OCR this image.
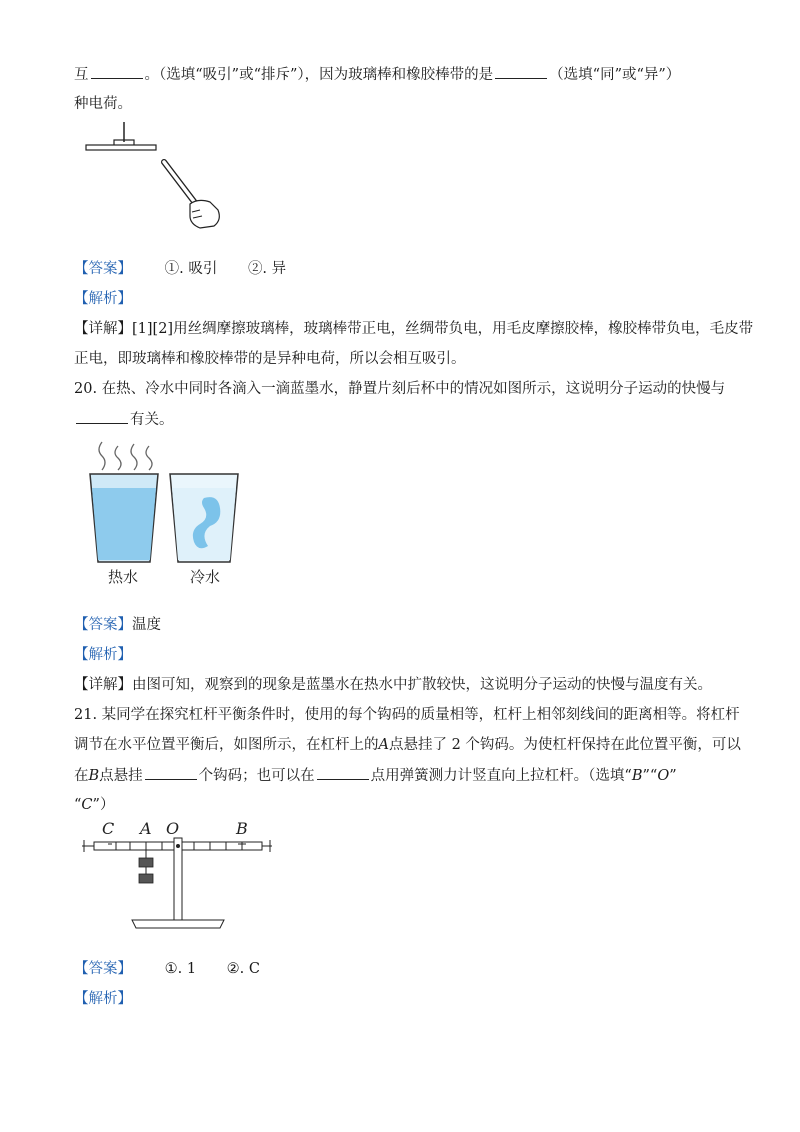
互	。（选填“吸引”或“排斥”），因为玻璃棒和橡胶棒带的是	（选填“同”或“异”）
种电荷。
【答案】 ①. 吸引 ②. 异
【解析】
【详解】[1][2]用丝绸摩擦玻璃棒，玻璃棒带正电，丝绸带负电，用毛皮摩擦胶棒，橡胶棒带负电，毛皮带
正电，即玻璃棒和橡胶棒带的是异种电荷，所以会相互吸引。
20. 在热、冷水中同时各滴入一滴蓝墨水，静置片刻后杯中的情况如图所示，这说明分子运动的快慢与
有关。
热水	冷水
【答案】温度
【解析】
【详解】由图可知，观察到的现象是蓝墨水在热水中扩散较快，这说明分子运动的快慢与温度有关。
21. 某同学在探究杠杆平衡条件时，使用的每个钩码的质量相等，杠杆上相邻刻线间的距离相等。将杠杆
调节在水平位置平衡后，如图所示，在杠杆上的A点悬挂了 2 个钩码。为使杠杆保持在此位置平衡，可以
在B点悬挂	个钩码；也可以在	点用弹簧测力计竖直向上拉杠杆。（选填“B”“O”
“C”）
C A O	B
【答案】 ①. 1 ②. C
【解析】
